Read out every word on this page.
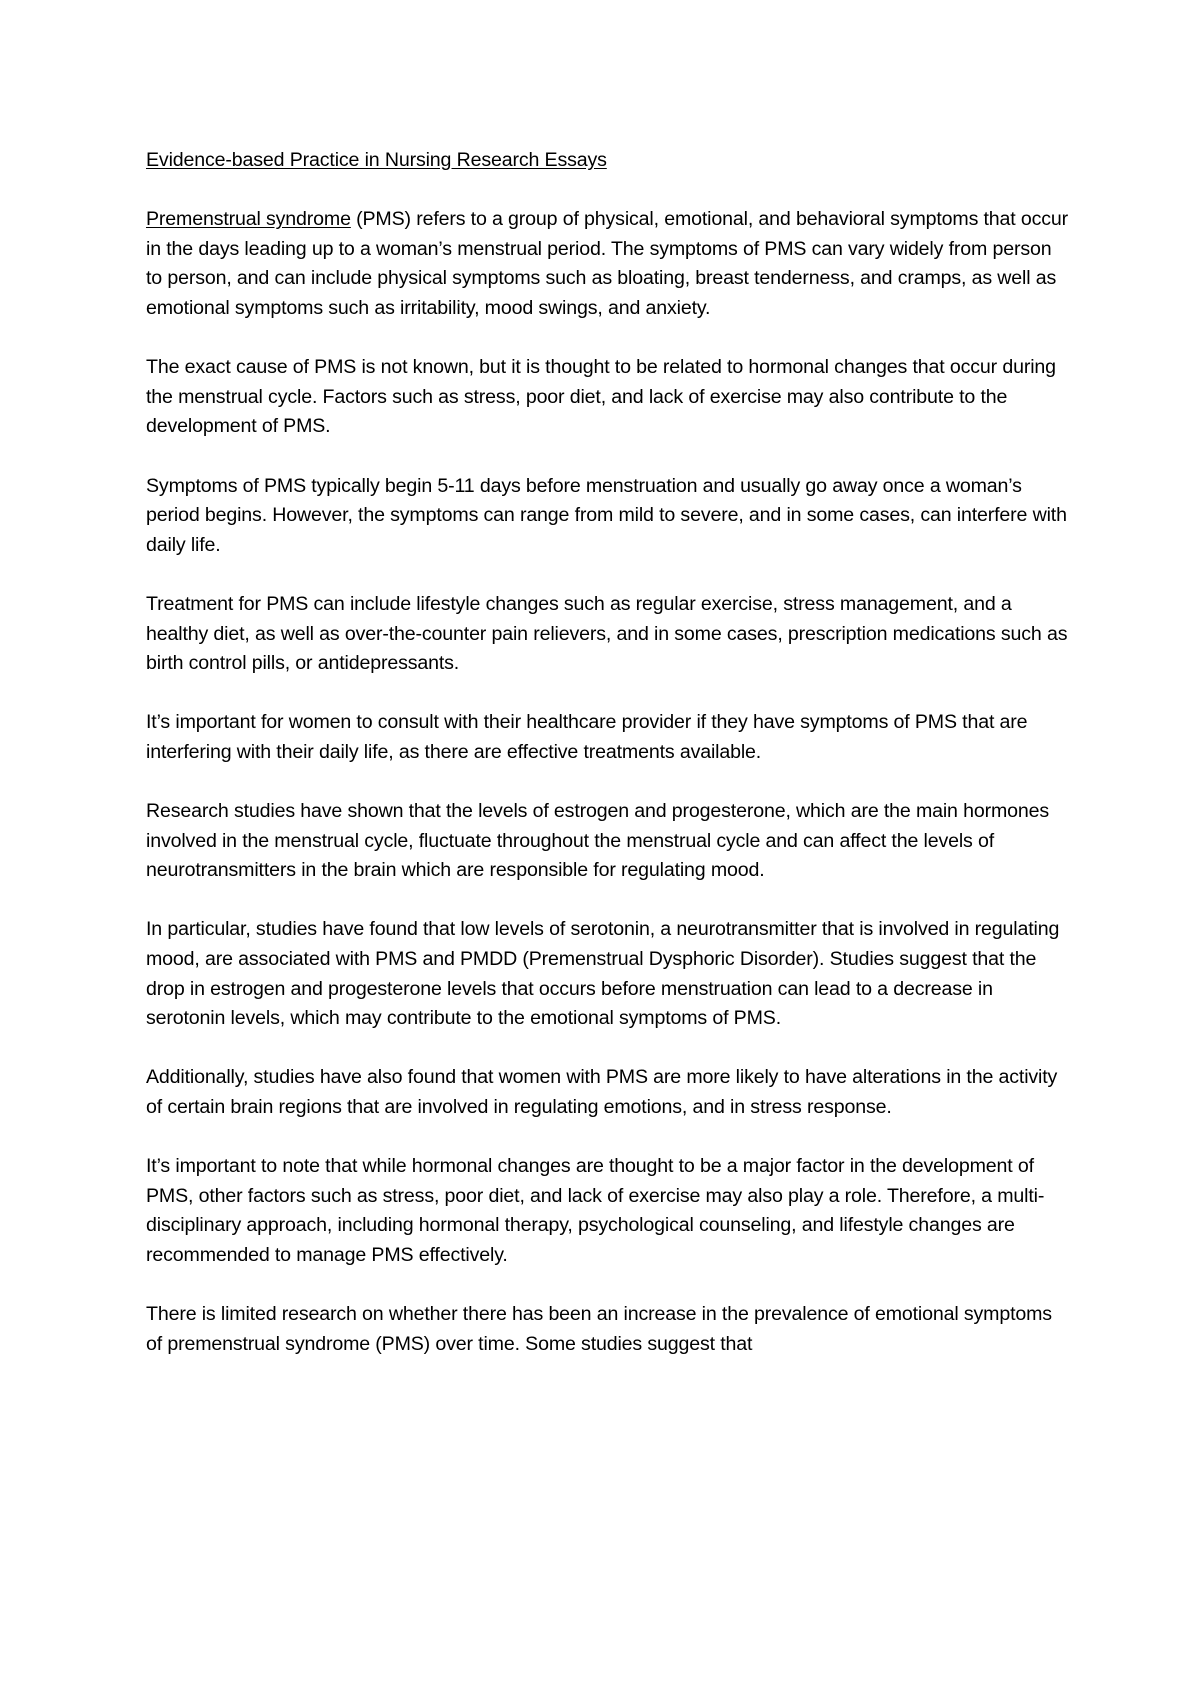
Evidence-based Practice in Nursing Research Essays

Premenstrual syndrome (PMS) refers to a group of physical, emotional, and behavioral symptoms that occur in the days leading up to a woman’s menstrual period. The symptoms of PMS can vary widely from person to person, and can include physical symptoms such as bloating, breast tenderness, and cramps, as well as emotional symptoms such as irritability, mood swings, and anxiety.

The exact cause of PMS is not known, but it is thought to be related to hormonal changes that occur during the menstrual cycle. Factors such as stress, poor diet, and lack of exercise may also contribute to the development of PMS.

Symptoms of PMS typically begin 5-11 days before menstruation and usually go away once a woman’s period begins. However, the symptoms can range from mild to severe, and in some cases, can interfere with daily life.

Treatment for PMS can include lifestyle changes such as regular exercise, stress management, and a healthy diet, as well as over-the-counter pain relievers, and in some cases, prescription medications such as birth control pills, or antidepressants.

It’s important for women to consult with their healthcare provider if they have symptoms of PMS that are interfering with their daily life, as there are effective treatments available.

Research studies have shown that the levels of estrogen and progesterone, which are the main hormones involved in the menstrual cycle, fluctuate throughout the menstrual cycle and can affect the levels of neurotransmitters in the brain which are responsible for regulating mood.

In particular, studies have found that low levels of serotonin, a neurotransmitter that is involved in regulating mood, are associated with PMS and PMDD (Premenstrual Dysphoric Disorder). Studies suggest that the drop in estrogen and progesterone levels that occurs before menstruation can lead to a decrease in serotonin levels, which may contribute to the emotional symptoms of PMS.

Additionally, studies have also found that women with PMS are more likely to have alterations in the activity of certain brain regions that are involved in regulating emotions, and in stress response.

It’s important to note that while hormonal changes are thought to be a major factor in the development of PMS, other factors such as stress, poor diet, and lack of exercise may also play a role. Therefore, a multi-disciplinary approach, including hormonal therapy, psychological counseling, and lifestyle changes are recommended to manage PMS effectively.

There is limited research on whether there has been an increase in the prevalence of emotional symptoms of premenstrual syndrome (PMS) over time. Some studies suggest that
